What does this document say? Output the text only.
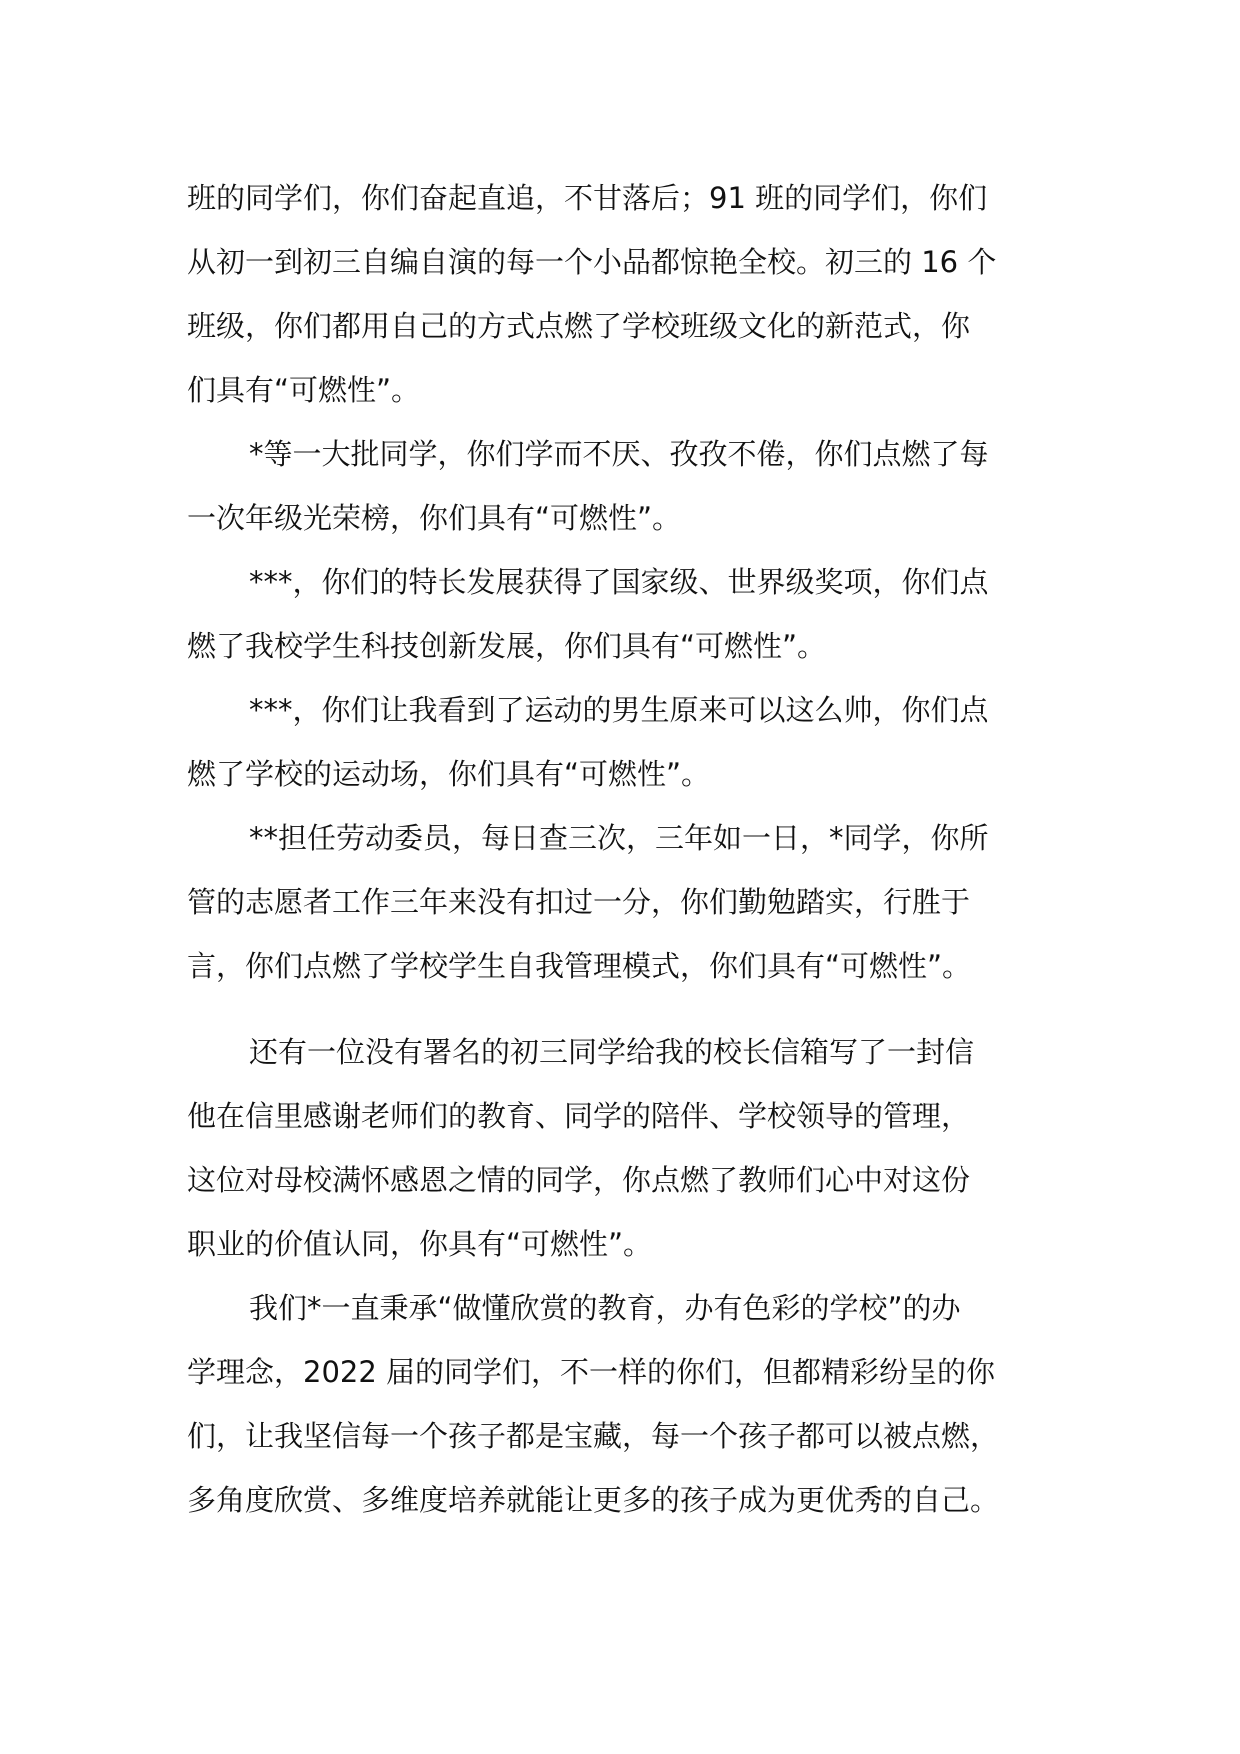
班的同学们，你们奋起直追，不甘落后；91 班的同学们，你们
从初一到初三自编自演的每一个小品都惊艳全校。初三的 16 个
班级，你们都用自己的方式点燃了学校班级文化的新范式，你
们具有“可燃性”。

*等一大批同学，你们学而不厌、孜孜不倦，你们点燃了每
一次年级光荣榜，你们具有“可燃性”。

***，你们的特长发展获得了国家级、世界级奖项，你们点
燃了我校学生科技创新发展，你们具有“可燃性”。

***，你们让我看到了运动的男生原来可以这么帅，你们点
燃了学校的运动场，你们具有“可燃性”。

**担任劳动委员，每日查三次，三年如一日，*同学，你所
管的志愿者工作三年来没有扣过一分，你们勤勉踏实，行胜于
言，你们点燃了学校学生自我管理模式，你们具有“可燃性”。

还有一位没有署名的初三同学给我的校长信箱写了一封信
他在信里感谢老师们的教育、同学的陪伴、学校领导的管理，
这位对母校满怀感恩之情的同学，你点燃了教师们心中对这份
职业的价值认同，你具有“可燃性”。

我们*一直秉承“做懂欣赏的教育，办有色彩的学校”的办
学理念，2022 届的同学们，不一样的你们，但都精彩纷呈的你
们，让我坚信每一个孩子都是宝藏，每一个孩子都可以被点燃，
多角度欣赏、多维度培养就能让更多的孩子成为更优秀的自己。
